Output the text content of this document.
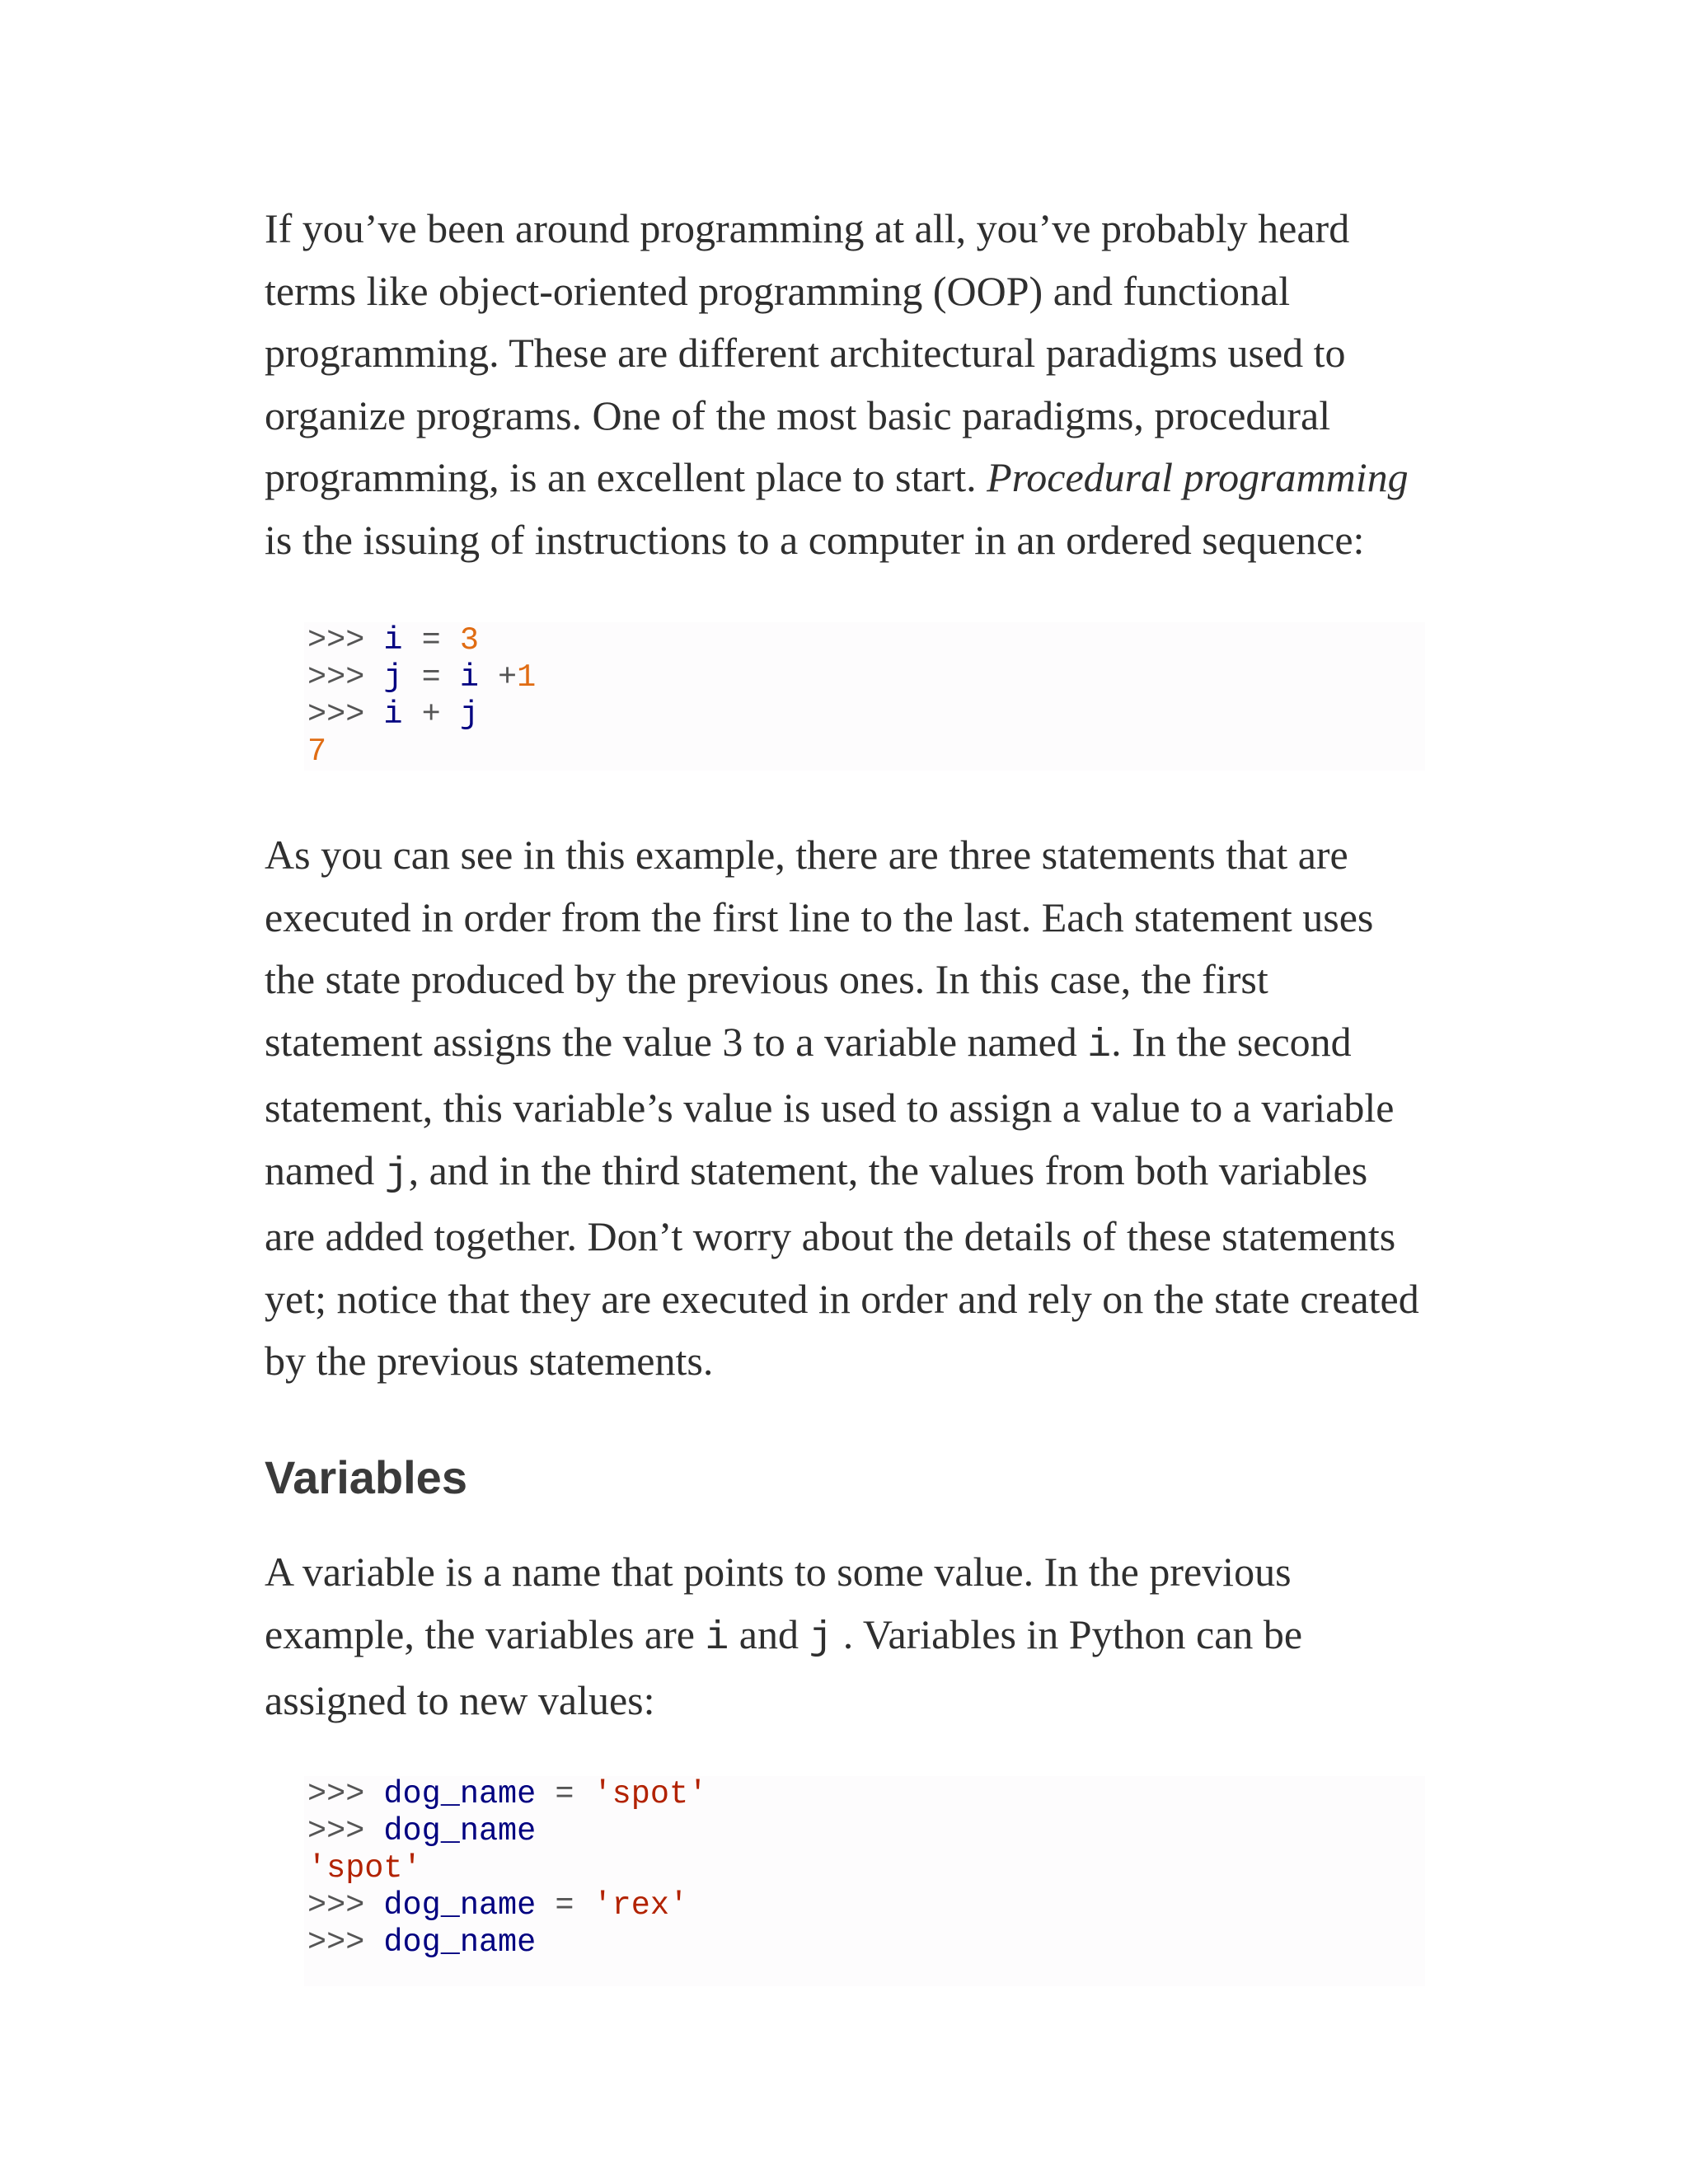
If you’ve been around programming at all, you’ve probably heard
terms like object-oriented programming (OOP) and functional
programming. These are different architectural paradigms used to
organize programs. One of the most basic paradigms, procedural
programming, is an excellent place to start. Procedural programming
is the issuing of instructions to a computer in an ordered sequence:

>>> i = 3
>>> j = i +1
>>> i + j
7

As you can see in this example, there are three statements that are
executed in order from the first line to the last. Each statement uses
the state produced by the previous ones. In this case, the first
statement assigns the value 3 to a variable named i. In the second
statement, this variable’s value is used to assign a value to a variable
named j, and in the third statement, the values from both variables
are added together. Don’t worry about the details of these statements
yet; notice that they are executed in order and rely on the state created
by the previous statements.

Variables

A variable is a name that points to some value. In the previous
example, the variables are i and j . Variables in Python can be
assigned to new values:

>>> dog_name = 'spot'
>>> dog_name
'spot'
>>> dog_name = 'rex'
>>> dog_name
